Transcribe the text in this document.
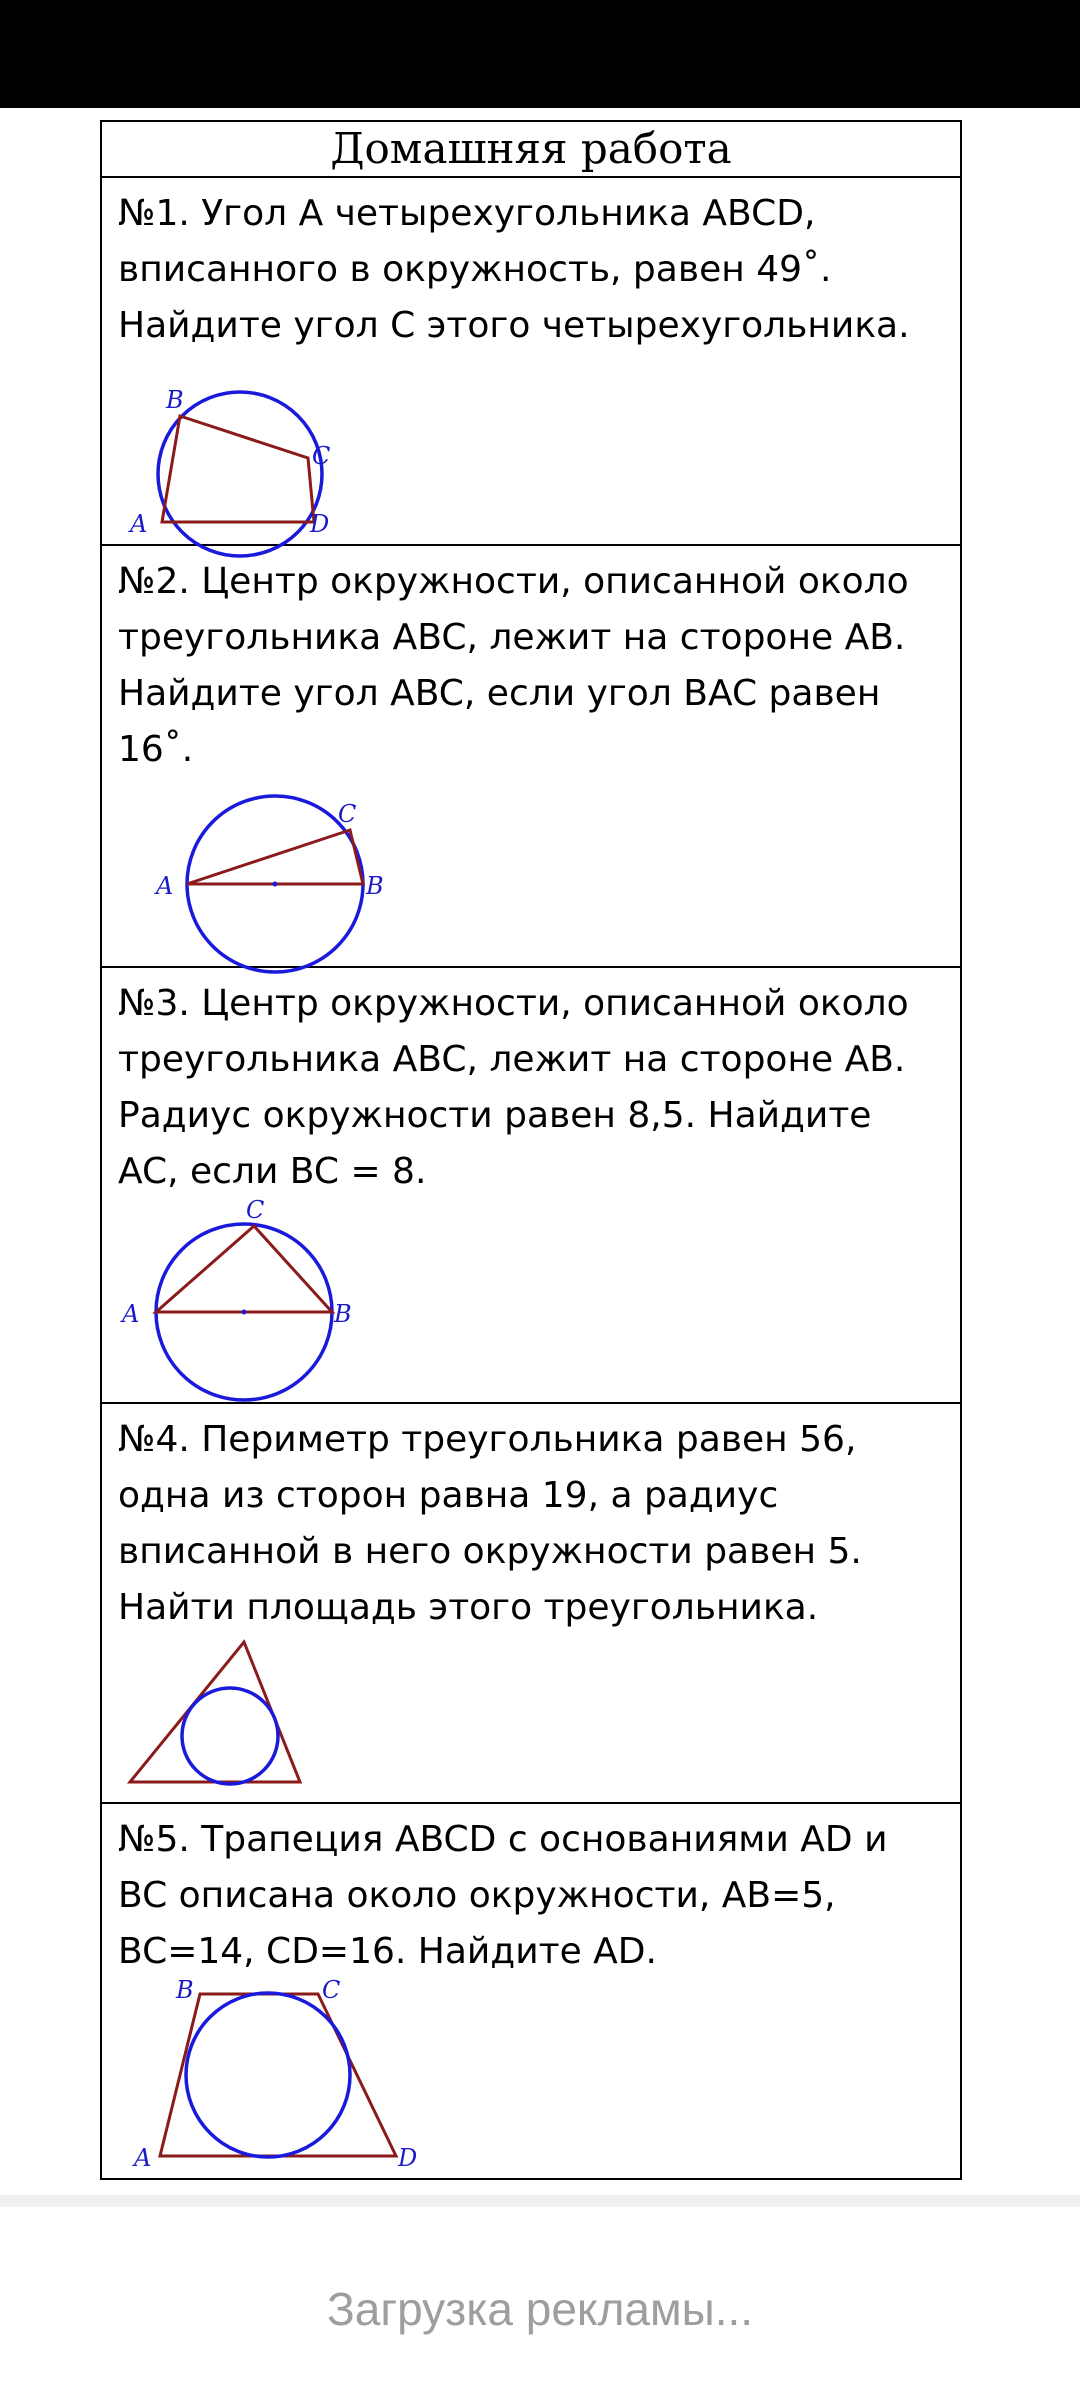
Домашняя работа
№1. Угол A четырехугольника ABCD, вписанного в окружность, равен 49˚. Найдите угол C этого четырехугольника.
B
C
A	D
№2. Центр окружности, описанной около треугольника ABC, лежит на стороне AB. Найдите угол ABC, если угол BAC равен 16˚.
C
A	B
№3. Центр окружности, описанной около треугольника ABC, лежит на стороне AB. Радиус окружности равен 8,5. Найдите AC, если BC = 8.
C
A	B
№4. Периметр треугольника равен 56, одна из сторон равна 19, а радиус вписанной в него окружности равен 5. Найти площадь этого треугольника.
№5. Трапеция ABCD с основаниями AD и BC описана около окружности, AB=5, BC=14, CD=16. Найдите AD.
B	C
A	D
Загрузка рекламы...
